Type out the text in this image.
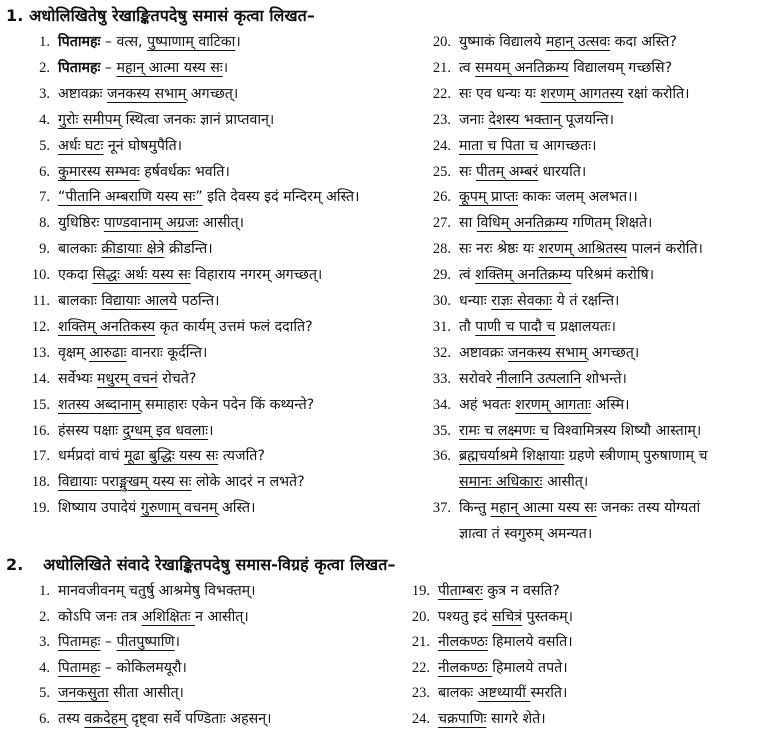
1. अधोलिखितेषु रेखाङ्कितपदेषु समासं कृत्वा लिखत–
1. पितामहः – वत्स, पुष्पाणाम् वाटिका।
2. पितामहः – महान् आत्मा यस्य सः।
3. अष्टावक्रः जनकस्य सभाम् अगच्छत्।
4. गुरोः समीपम् स्थित्वा जनकः ज्ञानं प्राप्तवान्।
5. अर्धः घटः नूनं घोषमुपैति।
6. कुमारस्य सम्भवः हर्षवर्धकः भवति।
7. “पीतानि अम्बराणि यस्य सः” इति देवस्य इदं मन्दिरम् अस्ति।
8. युधिष्ठिरः पाण्डवानाम् अग्रजः आसीत्।
9. बालकाः क्रीडायाः क्षेत्रे क्रीडन्ति।
10. एकदा सिद्धः अर्थः यस्य सः विहाराय नगरम् अगच्छत्।
11. बालकाः विद्यायाः आलये पठन्ति।
12. शक्तिम् अनतिकस्य कृत कार्यम् उत्तमं फलं ददाति?
13. वृक्षम् आरुढाः वानराः कूर्दन्ति।
14. सर्वेभ्यः मधुरम् वचनं रोचते?
15. शतस्य अब्दानाम् समाहारः एकेन पदेन किं कथ्यन्ते?
16. हंसस्य पक्षाः दुग्धम् इव धवलाः।
17. धर्मप्रदां वाचं मूढा बुद्धिः यस्य सः त्यजति?
18. विद्यायाः पराङ्मुखम् यस्य सः लोके आदरं न लभते?
19. शिष्याय उपादेयं गुरुणाम् वचनम् अस्ति।
20. युष्माकं विद्यालये महान् उत्सवः कदा अस्ति?
21. त्व समयम् अनतिक्रम्य विद्यालयम् गच्छसि?
22. सः एव धन्यः यः शरणम् आगतस्य रक्षां करोति।
23. जनाः देशस्य भक्तान् पूजयन्ति।
24. माता च पिता च आगच्छतः।
25. सः पीतम् अम्बरं धारयति।
26. कूपम् प्राप्तः काकः जलम् अलभत।।
27. सा विधिम् अनतिक्रम्य गणितम् शिक्षते।
28. सः नरः श्रेष्ठः यः शरणम् आश्रितस्य पालनं करोति।
29. त्वं शक्तिम् अनतिक्रम्य परिश्रमं करोषि।
30. धन्याः राज्ञः सेवकाः ये तं रक्षन्ति।
31. तौ पाणी च पादौ च प्रक्षालयतः।
32. अष्टावक्रः जनकस्य सभाम् अगच्छत्।
33. सरोवरे नीलानि उत्पलानि शोभन्ते।
34. अहं भवतः शरणम् आगताः अस्मि।
35. रामः च लक्ष्मणः च विश्वामित्रस्य शिष्यौ आस्ताम्।
36. ब्रह्मचर्याश्रमे शिक्षायाः ग्रहणे स्त्रीणाम् पुरुषाणाम् च
समानः अधिकारः आसीत्।
37. किन्तु महान् आत्मा यस्य सः जनकः तस्य योग्यतां
ज्ञात्वा तं स्वगुरुम् अमन्यत।
2. अधोलिखिते संवादे रेखाङ्कितपदेषु समास-विग्रहं कृत्वा लिखत–
1. मानवजीवनम् चतुर्षु आश्रमेषु विभक्तम्।
2. कोऽपि जनः तत्र अशिक्षितः न आसीत्।
3. पितामहः – पीतपुष्पाणि।
4. पितामहः – कोकिलमयूरौ।
5. जनकसुता सीता आसीत्।
6. तस्य वक्रदेहम् दृष्ट्वा सर्वे पण्डिताः अहसन्।
19. पीताम्बरः कुत्र न वसति?
20. पश्यतु इदं सचित्रं पुस्तकम्।
21. नीलकण्ठः हिमालये वसति।
22. नीलकण्ठः हिमालये तपते।
23. बालकः अष्टध्यायीं स्मरति।
24. चक्रपाणिः सागरे शेते।
